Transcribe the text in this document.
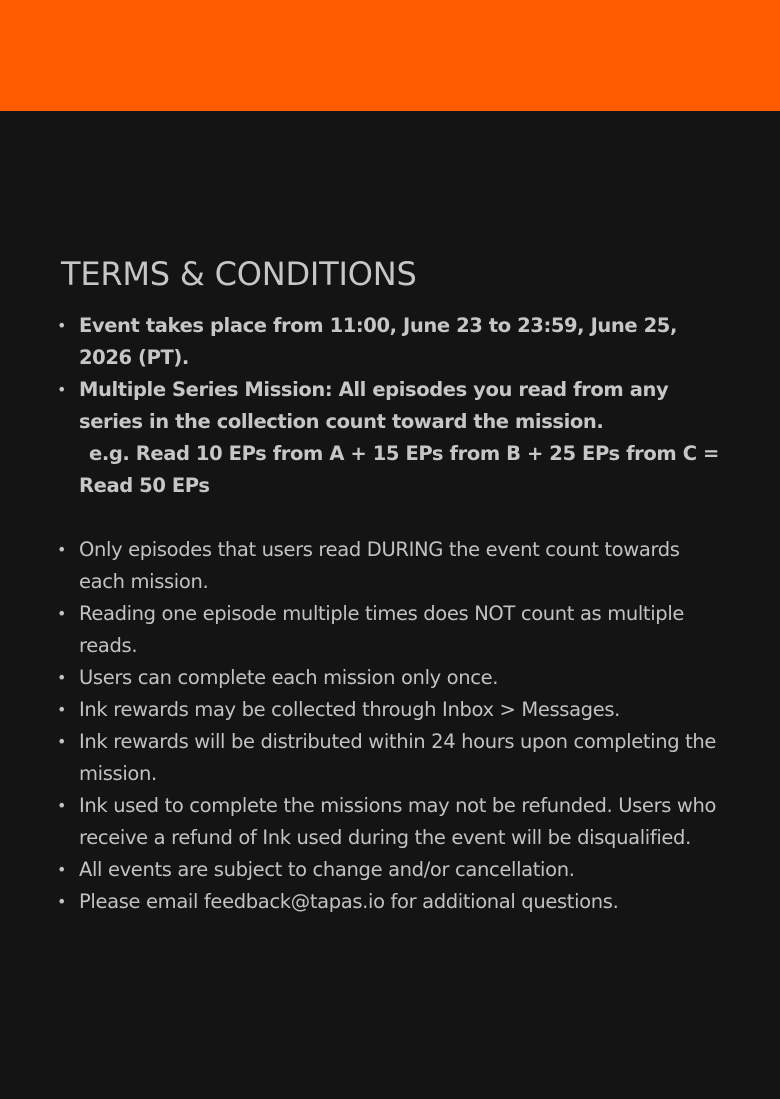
TERMS & CONDITIONS
• Event takes place from 11:00, June 23 to 23:59, June 25, 2026 (PT).
• Multiple Series Mission: All episodes you read from any series in the collection count toward the mission.
e.g. Read 10 EPs from A + 15 EPs from B + 25 EPs from C = Read 50 EPs
• Only episodes that users read DURING the event count towards each mission.
• Reading one episode multiple times does NOT count as multiple reads.
• Users can complete each mission only once.
• Ink rewards may be collected through Inbox > Messages.
• Ink rewards will be distributed within 24 hours upon completing the mission.
• Ink used to complete the missions may not be refunded. Users who receive a refund of Ink used during the event will be disqualified.
• All events are subject to change and/or cancellation.
• Please email feedback@tapas.io for additional questions.
